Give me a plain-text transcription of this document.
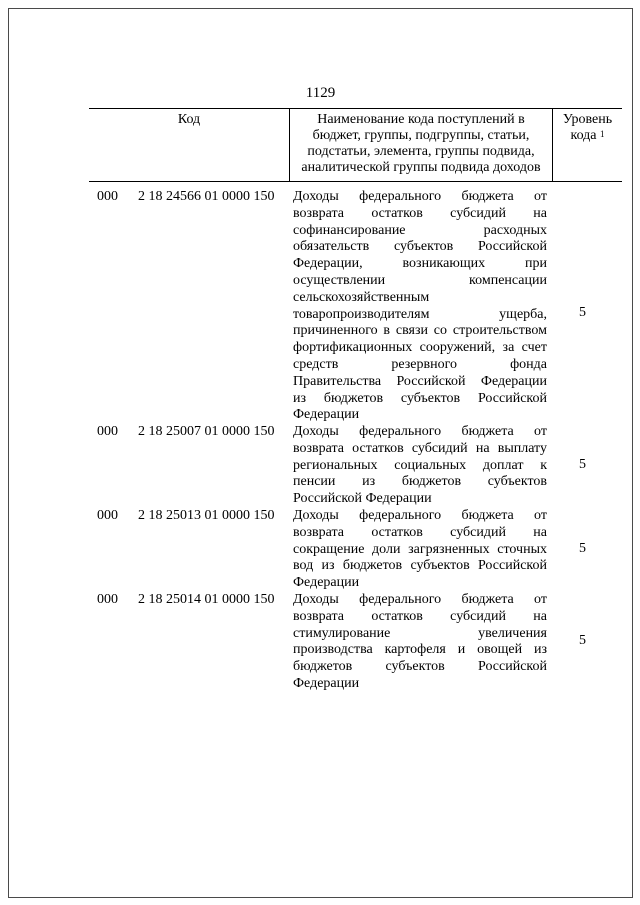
1129
Код	Наименование кода поступлений в
бюджет, группы, подгруппы, статьи,
подстатьи, элемента, группы подвида,
аналитической группы подвида доходов
Уровень
кода $^1$
000 2 18 24566 01 0000 150 Доходы федерального бюджета от
возврата остатков субсидий на
софинансирование расходных
обязательств субъектов Российской
Федерации, возникающих при
осуществлении компенсации
сельскохозяйственным
товаропроизводителям ущерба,
причиненного в связи со строительством
фортификационных сооружений, за счет
средств резервного фонда
Правительства Российской Федерации
из бюджетов субъектов Российской
Федерации
5
000 2 18 25007 01 0000 150 Доходы федерального бюджета от
возврата остатков субсидий на выплату
региональных социальных доплат к
пенсии из бюджетов субъектов
Российской Федерации
5
000 2 18 25013 01 0000 150 Доходы федерального бюджета от
возврата остатков субсидий на
сокращение доли загрязненных сточных
вод из бюджетов субъектов Российской
Федерации
5
000 2 18 25014 01 0000 150 Доходы федерального бюджета от
возврата остатков субсидий на
стимулирование увеличения
производства картофеля и овощей из
бюджетов субъектов Российской
Федерации
5
